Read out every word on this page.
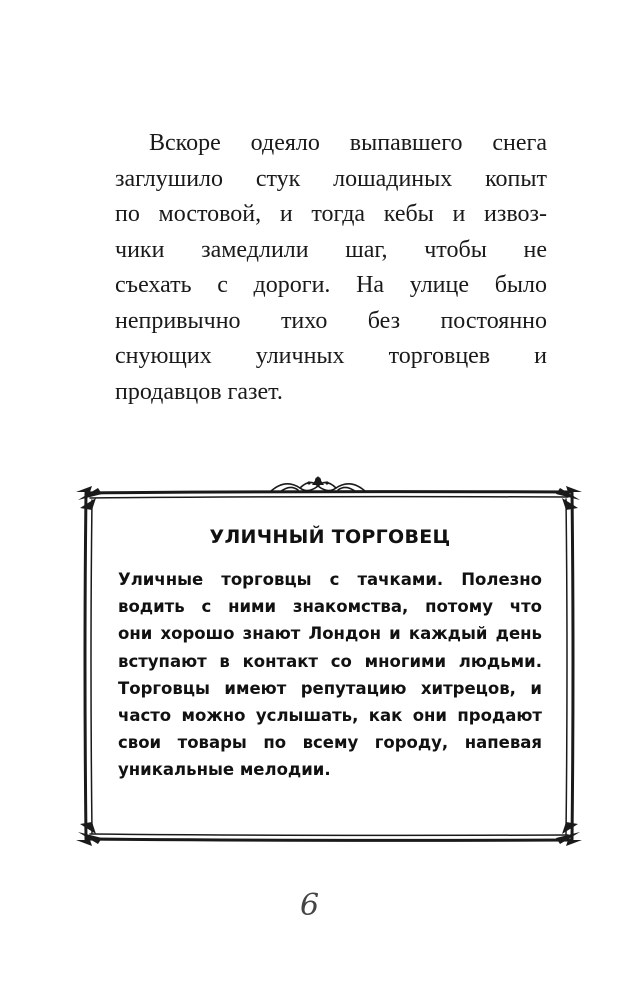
Вскоре одеяло выпавшего снега
заглушило стук лошадиных копыт
по мостовой, и тогда кебы и извоз-
чики замедлили шаг, чтобы не
съехать с дороги. На улице было
непривычно тихо без постоянно
снующих уличных торговцев и
продавцов газет.
УЛИЧНЫЙ ТОРГОВЕЦ
Уличные торговцы с тачками. Полезно
водить с ними знакомства, потому что
они хорошо знают Лондон и каждый день
вступают в контакт со многими людьми.
Торговцы имеют репутацию хитрецов, и
часто можно услышать, как они продают
свои товары по всему городу, напевая
уникальные мелодии.
6
